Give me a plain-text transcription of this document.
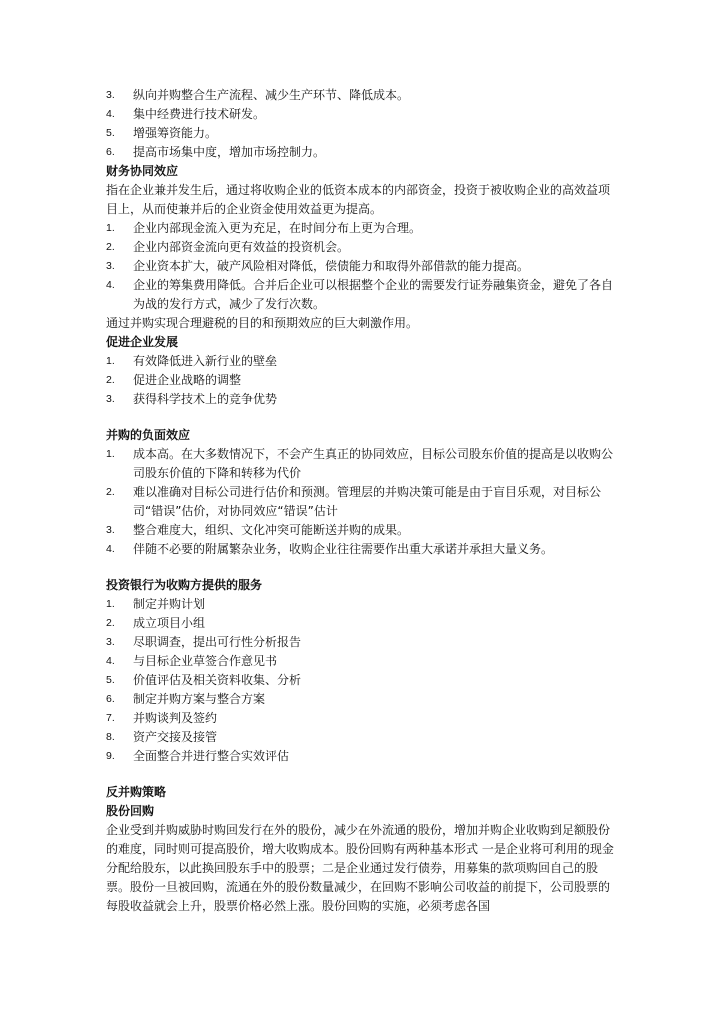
3.	纵向并购整合生产流程、减少生产环节、降低成本。
4.	集中经费进行技术研发。
5.	增强筹资能力。
6.	提高市场集中度，增加市场控制力。
财务协同效应
指在企业兼并发生后，通过将收购企业的低资本成本的内部资金，投资于被收购企业的高效益项目上，从而使兼并后的企业资金使用效益更为提高。
1.	企业内部现金流入更为充足，在时间分布上更为合理。
2.	企业内部资金流向更有效益的投资机会。
3.	企业资本扩大，破产风险相对降低，偿债能力和取得外部借款的能力提高。
4.	企业的筹集费用降低。合并后企业可以根据整个企业的需要发行证券融集资金，避免了各自为战的发行方式，减少了发行次数。
通过并购实现合理避税的目的和预期效应的巨大刺激作用。
促进企业发展
1.	有效降低进入新行业的壁垒
2.	促进企业战略的调整
3.	获得科学技术上的竞争优势
并购的负面效应
1.	成本高。在大多数情况下，不会产生真正的协同效应，目标公司股东价值的提高是以收购公司股东价值的下降和转移为代价
2.	难以准确对目标公司进行估价和预测。管理层的并购决策可能是由于盲目乐观，对目标公司“错误”估价，对协同效应“错误”估计
3.	整合难度大，组织、文化冲突可能断送并购的成果。
4.	伴随不必要的附属繁杂业务，收购企业往往需要作出重大承诺并承担大量义务。
投资银行为收购方提供的服务
1.	制定并购计划
2.	成立项目小组
3.	尽职调查，提出可行性分析报告
4.	与目标企业草签合作意见书
5.	价值评估及相关资料收集、分析
6.	制定并购方案与整合方案
7.	并购谈判及签约
8.	资产交接及接管
9.	全面整合并进行整合实效评估
反并购策略
股份回购
企业受到并购威胁时购回发行在外的股份，减少在外流通的股份，增加并购企业收购到足额股份的难度，同时则可提高股价，增大收购成本。股份回购有两种基本形式 一是企业将可利用的现金分配给股东，以此换回股东手中的股票；二是企业通过发行债券，用募集的款项购回自己的股票。股份一旦被回购，流通在外的股份数量减少，在回购不影响公司收益的前提下，公司股票的每股收益就会上升，股票价格必然上涨。股份回购的实施，必须考虑各国
